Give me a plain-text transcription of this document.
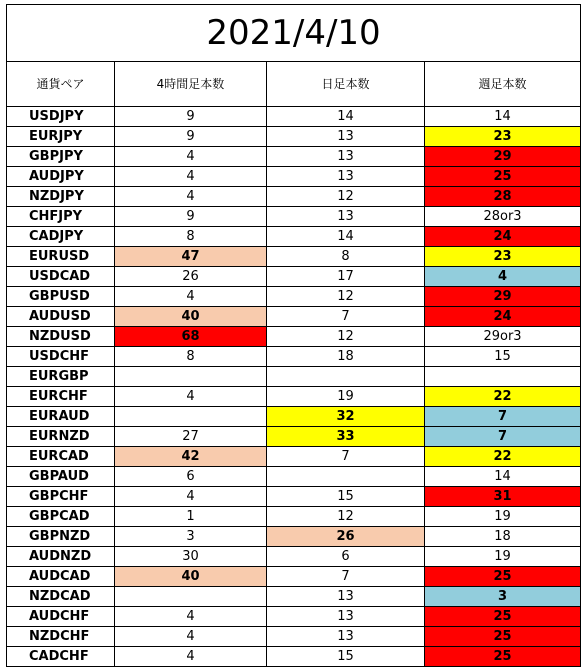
2021/4/10			
通貨ペア	4時間足本数	日足本数	週足本数
USDJPY	9	14	14
EURJPY	9	13	23
GBPJPY	4	13	29
AUDJPY	4	13	25
NZDJPY	4	12	28
CHFJPY	9	13	28or3
CADJPY	8	14	24
EURUSD	47	8	23
USDCAD	26	17	4
GBPUSD	4	12	29
AUDUSD	40	7	24
NZDUSD	68	12	29or3
USDCHF	8	18	15
EURGBP			
EURCHF	4	19	22
EURAUD		32	7
EURNZD	27	33	7
EURCAD	42	7	22
GBPAUD	6		14
GBPCHF	4	15	31
GBPCAD	1	12	19
GBPNZD	3	26	18
AUDNZD	30	6	19
AUDCAD	40	7	25
NZDCAD		13	3
AUDCHF	4	13	25
NZDCHF	4	13	25
CADCHF	4	15	25
